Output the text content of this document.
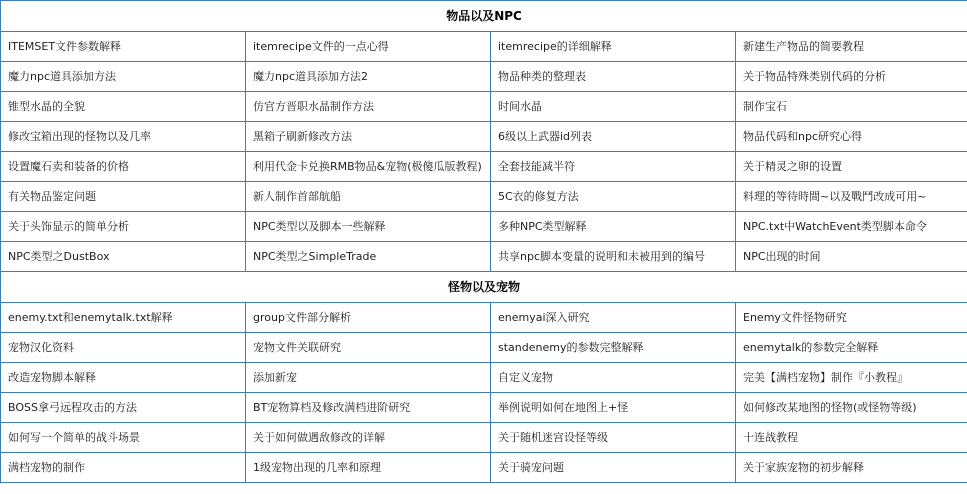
物品以及NPC			
ITEMSET文件参数解释	itemrecipe文件的一点心得	itemrecipe的详细解释	新建生产物品的简要教程
魔力npc道具添加方法	魔力npc道具添加方法2	物品种类的整理表	关于物品特殊类别代码的分析
锥型水晶的全貌	仿官方晋职水晶制作方法	时间水晶	制作宝石
修改宝箱出现的怪物以及几率	黑箱子刷新修改方法	6级以上武器id列表	物品代码和npc研究心得
设置魔石卖和装备的价格	利用代金卡兑换RMB物品&宠物(极傻瓜版教程)	全套技能减半符	关于精灵之卵的设置
有关物品鉴定问题	新人制作首部航船	5C衣的修复方法	料理的等待時間~以及戰鬥改成可用~
关于头饰显示的简单分析	NPC类型以及脚本一些解释	多种NPC类型解释	NPC.txt中WatchEvent类型脚本命令
NPC类型之DustBox	NPC类型之SimpleTrade	共享npc脚本变量的说明和未被用到的编号	NPC出现的时间
怪物以及宠物			
enemy.txt和enemytalk.txt解释	group文件部分解析	enemyai深入研究	Enemy文件怪物研究
宠物汉化资料	宠物文件关联研究	standenemy的参数完整解释	enemytalk的参数完全解释
改造宠物脚本解释	添加新宠	自定义宠物	完美【满档宠物】制作『小教程』
BOSS拿弓远程攻击的方法	BT宠物算档及修改满档进阶研究	举例说明如何在地图上+怪	如何修改某地图的怪物(或怪物等级)
如何写一个简单的战斗场景	关于如何做遇敌修改的详解	关于随机迷宫设怪等级	十连战教程
满档宠物的制作	1级宠物出现的几率和原理	关于骑宠问题	关于家族宠物的初步解释
